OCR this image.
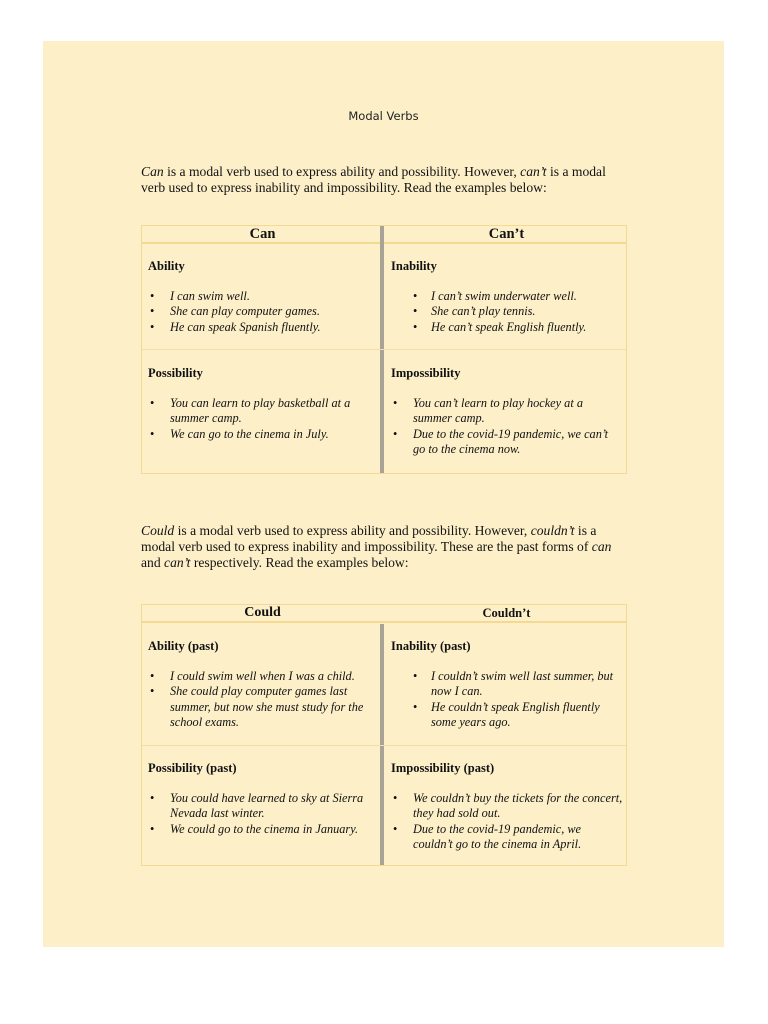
Modal Verbs

Can is a modal verb used to express ability and possibility. However, can’t is a modal verb used to express inability and impossibility. Read the examples below:

Can	Can’t

Ability

• I can swim well.
• She can play computer games.
• He can speak Spanish fluently.

Inability

• I can’t swim underwater well.
• She can’t play tennis.
• He can’t speak English fluently.

Possibility

• You can learn to play basketball at a summer camp.
• We can go to the cinema in July.

Impossibility

• You can’t learn to play hockey at a summer camp.
• Due to the covid-19 pandemic, we can’t go to the cinema now.

Could is a modal verb used to express ability and possibility. However, couldn’t is a modal verb used to express inability and impossibility. These are the past forms of can and can’t respectively. Read the examples below:

Could	Couldn’t

Ability (past)

• I could swim well when I was a child.
• She could play computer games last summer, but now she must study for the school exams.

Inability (past)

• I couldn’t swim well last summer, but now I can.
• He couldn’t speak English fluently some years ago.

Possibility (past)

• You could have learned to sky at Sierra Nevada last winter.
• We could go to the cinema in January.

Impossibility (past)

• We couldn’t buy the tickets for the concert, they had sold out.
• Due to the covid-19 pandemic, we couldn’t go to the cinema in April.
